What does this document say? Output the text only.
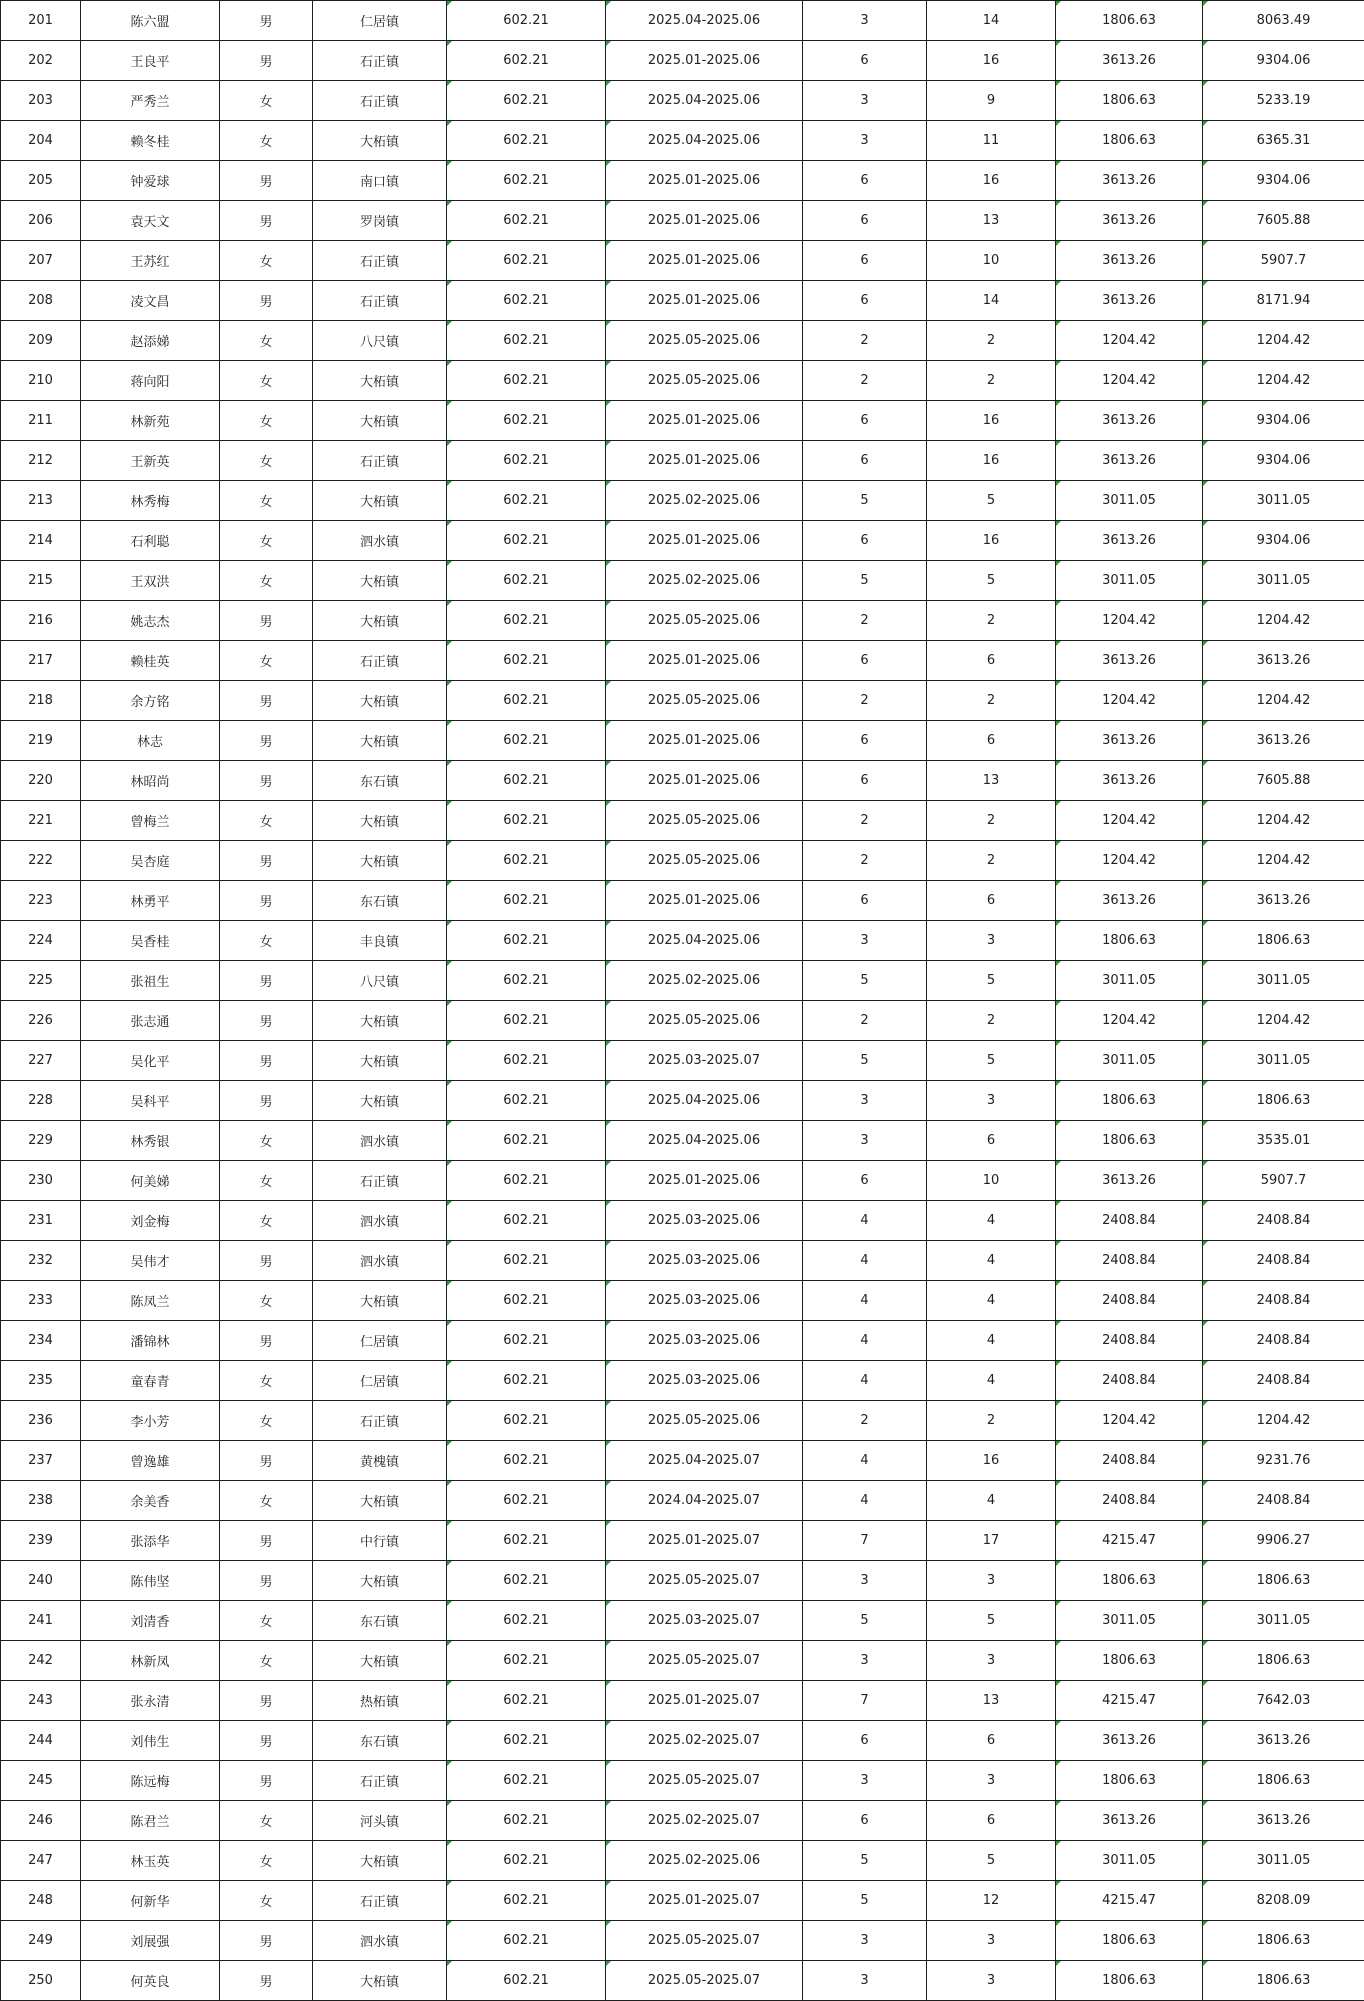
201	陈六盟	男	仁居镇	602.21	2025.04-2025.06	3	14	1806.63	8063.49
202	王良平	男	石正镇	602.21	2025.01-2025.06	6	16	3613.26	9304.06
203	严秀兰	女	石正镇	602.21	2025.04-2025.06	3	9	1806.63	5233.19
204	赖冬桂	女	大柘镇	602.21	2025.04-2025.06	3	11	1806.63	6365.31
205	钟爱球	男	南口镇	602.21	2025.01-2025.06	6	16	3613.26	9304.06
206	袁天文	男	罗岗镇	602.21	2025.01-2025.06	6	13	3613.26	7605.88
207	王苏红	女	石正镇	602.21	2025.01-2025.06	6	10	3613.26	5907.7
208	凌文昌	男	石正镇	602.21	2025.01-2025.06	6	14	3613.26	8171.94
209	赵添娣	女	八尺镇	602.21	2025.05-2025.06	2	2	1204.42	1204.42
210	蒋向阳	女	大柘镇	602.21	2025.05-2025.06	2	2	1204.42	1204.42
211	林新苑	女	大柘镇	602.21	2025.01-2025.06	6	16	3613.26	9304.06
212	王新英	女	石正镇	602.21	2025.01-2025.06	6	16	3613.26	9304.06
213	林秀梅	女	大柘镇	602.21	2025.02-2025.06	5	5	3011.05	3011.05
214	石利聪	女	泗水镇	602.21	2025.01-2025.06	6	16	3613.26	9304.06
215	王双洪	女	大柘镇	602.21	2025.02-2025.06	5	5	3011.05	3011.05
216	姚志杰	男	大柘镇	602.21	2025.05-2025.06	2	2	1204.42	1204.42
217	赖桂英	女	石正镇	602.21	2025.01-2025.06	6	6	3613.26	3613.26
218	余方铭	男	大柘镇	602.21	2025.05-2025.06	2	2	1204.42	1204.42
219	林志	男	大柘镇	602.21	2025.01-2025.06	6	6	3613.26	3613.26
220	林昭尚	男	东石镇	602.21	2025.01-2025.06	6	13	3613.26	7605.88
221	曾梅兰	女	大柘镇	602.21	2025.05-2025.06	2	2	1204.42	1204.42
222	吴杏庭	男	大柘镇	602.21	2025.05-2025.06	2	2	1204.42	1204.42
223	林勇平	男	东石镇	602.21	2025.01-2025.06	6	6	3613.26	3613.26
224	吴香桂	女	丰良镇	602.21	2025.04-2025.06	3	3	1806.63	1806.63
225	张祖生	男	八尺镇	602.21	2025.02-2025.06	5	5	3011.05	3011.05
226	张志通	男	大柘镇	602.21	2025.05-2025.06	2	2	1204.42	1204.42
227	吴化平	男	大柘镇	602.21	2025.03-2025.07	5	5	3011.05	3011.05
228	吴科平	男	大柘镇	602.21	2025.04-2025.06	3	3	1806.63	1806.63
229	林秀银	女	泗水镇	602.21	2025.04-2025.06	3	6	1806.63	3535.01
230	何美娣	女	石正镇	602.21	2025.01-2025.06	6	10	3613.26	5907.7
231	刘金梅	女	泗水镇	602.21	2025.03-2025.06	4	4	2408.84	2408.84
232	吴伟才	男	泗水镇	602.21	2025.03-2025.06	4	4	2408.84	2408.84
233	陈凤兰	女	大柘镇	602.21	2025.03-2025.06	4	4	2408.84	2408.84
234	潘锦林	男	仁居镇	602.21	2025.03-2025.06	4	4	2408.84	2408.84
235	童春青	女	仁居镇	602.21	2025.03-2025.06	4	4	2408.84	2408.84
236	李小芳	女	石正镇	602.21	2025.05-2025.06	2	2	1204.42	1204.42
237	曾逸雄	男	黄槐镇	602.21	2025.04-2025.07	4	16	2408.84	9231.76
238	余美香	女	大柘镇	602.21	2024.04-2025.07	4	4	2408.84	2408.84
239	张添华	男	中行镇	602.21	2025.01-2025.07	7	17	4215.47	9906.27
240	陈伟坚	男	大柘镇	602.21	2025.05-2025.07	3	3	1806.63	1806.63
241	刘清香	女	东石镇	602.21	2025.03-2025.07	5	5	3011.05	3011.05
242	林新凤	女	大柘镇	602.21	2025.05-2025.07	3	3	1806.63	1806.63
243	张永清	男	热柘镇	602.21	2025.01-2025.07	7	13	4215.47	7642.03
244	刘伟生	男	东石镇	602.21	2025.02-2025.07	6	6	3613.26	3613.26
245	陈远梅	男	石正镇	602.21	2025.05-2025.07	3	3	1806.63	1806.63
246	陈君兰	女	河头镇	602.21	2025.02-2025.07	6	6	3613.26	3613.26
247	林玉英	女	大柘镇	602.21	2025.02-2025.06	5	5	3011.05	3011.05
248	何新华	女	石正镇	602.21	2025.01-2025.07	5	12	4215.47	8208.09
249	刘展强	男	泗水镇	602.21	2025.05-2025.07	3	3	1806.63	1806.63
250	何英良	男	大柘镇	602.21	2025.05-2025.07	3	3	1806.63	1806.63
